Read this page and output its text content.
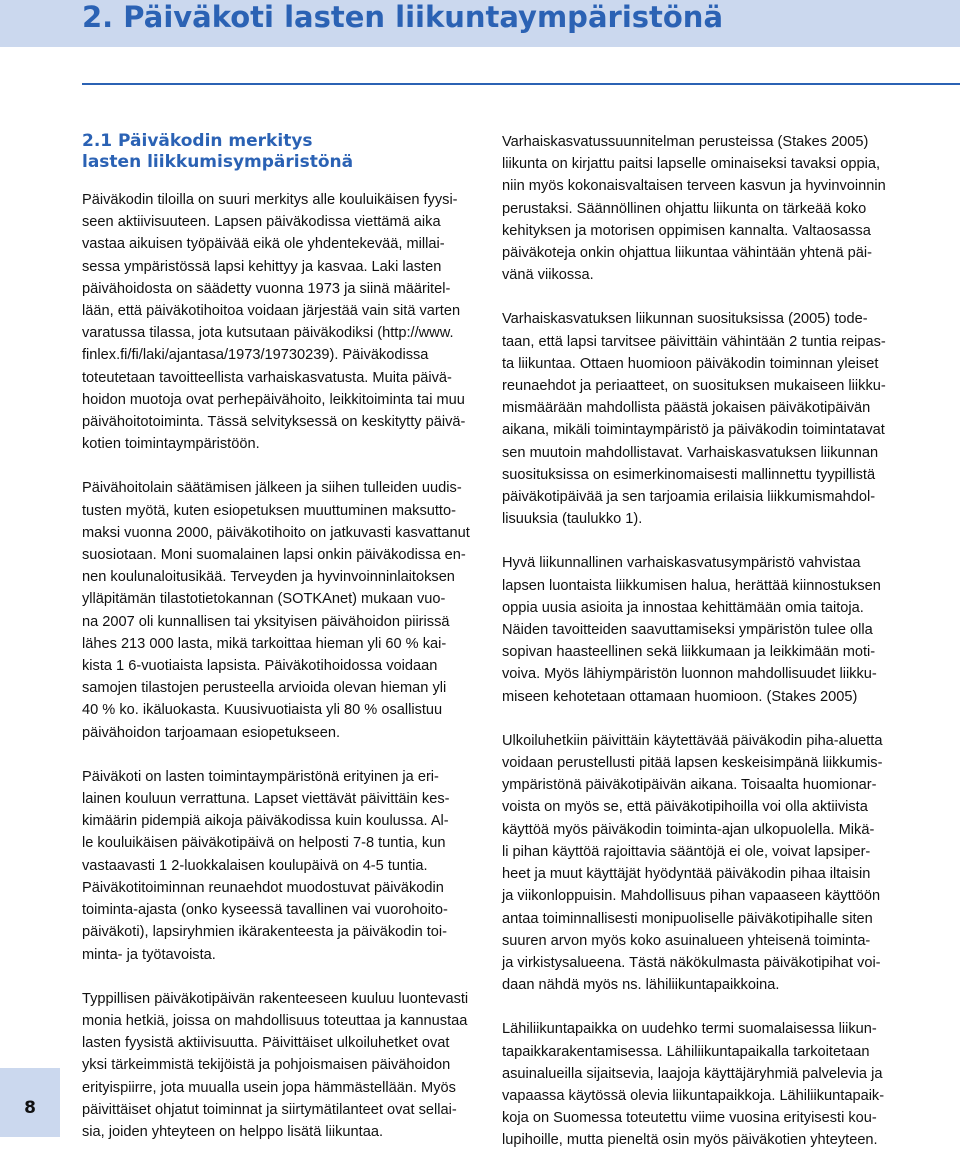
2. Päiväkoti lasten liikuntaympäristönä
2.1 Päiväkodin merkitys
lasten liikkumisympäristönä

Päiväkodin tiloilla on suuri merkitys alle kouluikäisen fyysi-
seen aktiivisuuteen. Lapsen päiväkodissa viettämä aika
vastaa aikuisen työpäivää eikä ole yhdentekevää, millai-
sessa ympäristössä lapsi kehittyy ja kasvaa. Laki lasten
päivähoidosta on säädetty vuonna 1973 ja siinä määritel-
lään, että päiväkotihoitoa voidaan järjestää vain sitä varten
varatussa tilassa, jota kutsutaan päiväkodiksi (http://www.
finlex.fi/fi/laki/ajantasa/1973/19730239). Päiväkodissa
toteutetaan tavoitteellista varhaiskasvatusta. Muita päivä-
hoidon muotoja ovat perhepäivähoito, leikkitoiminta tai muu
päivähoitotoiminta. Tässä selvityksessä on keskitytty päivä-
kotien toimintaympäristöön.

Päivähoitolain säätämisen jälkeen ja siihen tulleiden uudis-
tusten myötä, kuten esiopetuksen muuttuminen maksutto-
maksi vuonna 2000, päiväkotihoito on jatkuvasti kasvattanut
suosiotaan. Moni suomalainen lapsi onkin päiväkodissa en-
nen koulunaloitusikää. Terveyden ja hyvinvoinninlaitoksen
ylläpitämän tilastotietokannan (SOTKAnet) mukaan vuo-
na 2007 oli kunnallisen tai yksityisen päivähoidon piirissä
lähes 213 000 lasta, mikä tarkoittaa hieman yli 60 % kai-
kista 1 6-vuotiaista lapsista. Päiväkotihoidossa voidaan
samojen tilastojen perusteella arvioida olevan hieman yli
40 % ko. ikäluokasta. Kuusivuotiaista yli 80 % osallistuu
päivähoidon tarjoamaan esiopetukseen.

Päiväkoti on lasten toimintaympäristönä erityinen ja eri-
lainen kouluun verrattuna. Lapset viettävät päivittäin kes-
kimäärin pidempiä aikoja päiväkodissa kuin koulussa. Al-
le kouluikäisen päiväkotipäivä on helposti 7-8 tuntia, kun
vastaavasti 1 2-luokkalaisen koulupäivä on 4-5 tuntia.
Päiväkotitoiminnan reunaehdot muodostuvat päiväkodin
toiminta-ajasta (onko kyseessä tavallinen vai vuorohoito-
päiväkoti), lapsiryhmien ikärakenteesta ja päiväkodin toi-
minta- ja työtavoista.

Typpillisen päiväkotipäivän rakenteeseen kuuluu luontevasti
monia hetkiä, joissa on mahdollisuus toteuttaa ja kannustaa
lasten fyysistä aktiivisuutta. Päivittäiset ulkoiluhetket ovat
yksi tärkeimmistä tekijöistä ja pohjoismaisen päivähoidon
erityispiirre, jota muualla usein jopa hämmästellään. Myös
päivittäiset ohjatut toiminnat ja siirtymätilanteet ovat sellai-
sia, joiden yhteyteen on helppo lisätä liikuntaa.

Varhaiskasvatussuunnitelman perusteissa (Stakes 2005)
liikunta on kirjattu paitsi lapselle ominaiseksi tavaksi oppia,
niin myös kokonaisvaltaisen terveen kasvun ja hyvinvoinnin
perustaksi. Säännöllinen ohjattu liikunta on tärkeää koko
kehityksen ja motorisen oppimisen kannalta. Valtaosassa
päiväkoteja onkin ohjattua liikuntaa vähintään yhtenä päi-
vänä viikossa.

Varhaiskasvatuksen liikunnan suosituksissa (2005) tode-
taan, että lapsi tarvitsee päivittäin vähintään 2 tuntia reipas-
ta liikuntaa. Ottaen huomioon päiväkodin toiminnan yleiset
reunaehdot ja periaatteet, on suosituksen mukaiseen liikku-
mismäärään mahdollista päästä jokaisen päiväkotipäivän
aikana, mikäli toimintaympäristö ja päiväkodin toimintatavat
sen muutoin mahdollistavat. Varhaiskasvatuksen liikunnan
suosituksissa on esimerkinomaisesti mallinnettu tyypillistä
päiväkotipäivää ja sen tarjoamia erilaisia liikkumismahdol-
lisuuksia (taulukko 1).

Hyvä liikunnallinen varhaiskasvatusympäristö vahvistaa
lapsen luontaista liikkumisen halua, herättää kiinnostuksen
oppia uusia asioita ja innostaa kehittämään omia taitoja.
Näiden tavoitteiden saavuttamiseksi ympäristön tulee olla
sopivan haasteellinen sekä liikkumaan ja leikkimään moti-
voiva. Myös lähiympäristön luonnon mahdollisuudet liikku-
miseen kehotetaan ottamaan huomioon. (Stakes 2005)

Ulkoiluhetkiin päivittäin käytettävää päiväkodin piha-aluetta
voidaan perustellusti pitää lapsen keskeisimpänä liikkumis-
ympäristönä päiväkotipäivän aikana. Toisaalta huomionar-
voista on myös se, että päiväkotipihoilla voi olla aktiivista
käyttöä myös päiväkodin toiminta-ajan ulkopuolella. Mikä-
li pihan käyttöä rajoittavia sääntöjä ei ole, voivat lapsiper-
heet ja muut käyttäjät hyödyntää päiväkodin pihaa iltaisin
ja viikonloppuisin. Mahdollisuus pihan vapaaseen käyttöön
antaa toiminnallisesti monipuoliselle päiväkotipihalle siten
suuren arvon myös koko asuinalueen yhteisenä toiminta-
ja virkistysalueena. Tästä näkökulmasta päiväkotipihat voi-
daan nähdä myös ns. lähiliikuntapaikkoina.

Lähiliikuntapaikka on uudehko termi suomalaisessa liikun-
tapaikkarakentamisessa. Lähiliikuntapaikalla tarkoitetaan
asuinalueilla sijaitsevia, laajoja käyttäjäryhmiä palvelevia ja
vapaassa käytössä olevia liikuntapaikkoja. Lähiliikuntapaik-
koja on Suomessa toteutettu viime vuosina erityisesti kou-
lupihoille, mutta pieneltä osin myös päiväkotien yhteyteen.

8
